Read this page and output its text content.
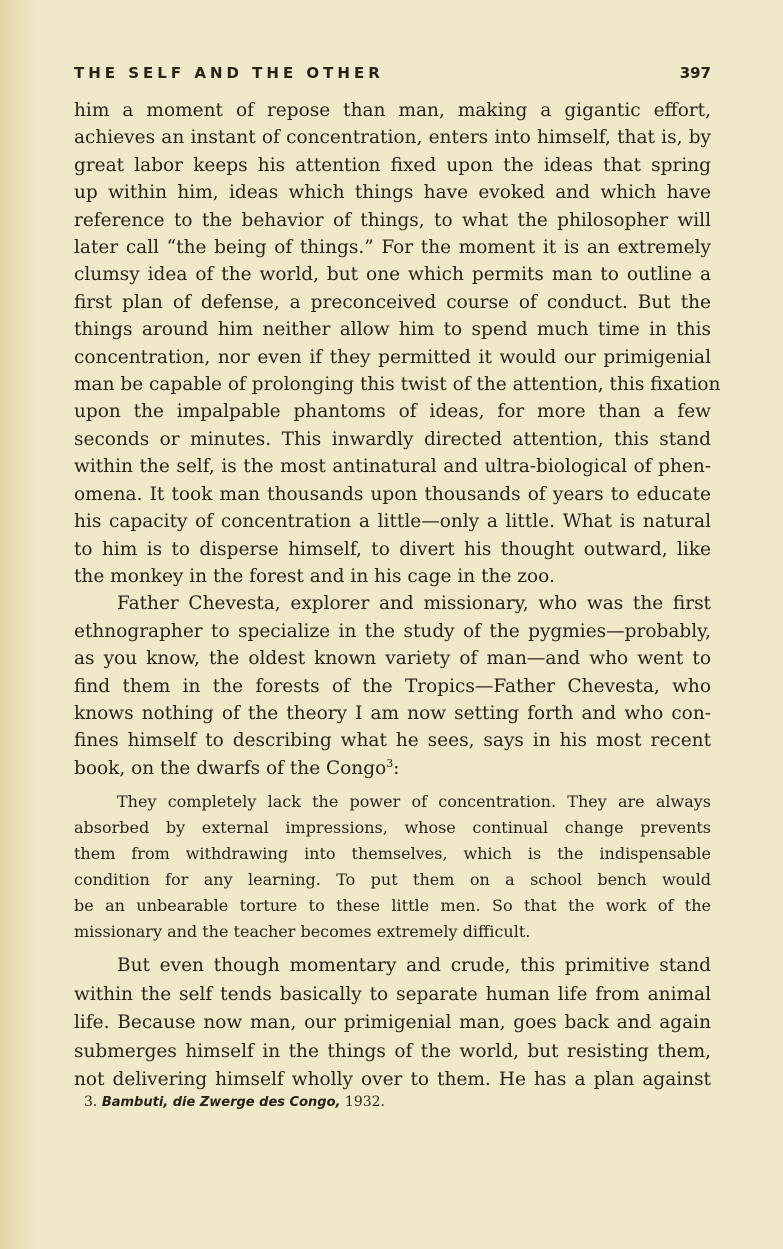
THE SELF AND THE OTHER	397

him a moment of repose than man, making a gigantic effort,
achieves an instant of concentration, enters into himself, that is, by
great labor keeps his attention fixed upon the ideas that spring
up within him, ideas which things have evoked and which have
reference to the behavior of things, to what the philosopher will
later call “the being of things.” For the moment it is an extremely
clumsy idea of the world, but one which permits man to outline a
first plan of defense, a preconceived course of conduct. But the
things around him neither allow him to spend much time in this
concentration, nor even if they permitted it would our primigenial
man be capable of prolonging this twist of the attention, this fixation
upon the impalpable phantoms of ideas, for more than a few
seconds or minutes. This inwardly directed attention, this stand
within the self, is the most antinatural and ultra-biological of phen-
omena. It took man thousands upon thousands of years to educate
his capacity of concentration a little—only a little. What is natural
to him is to disperse himself, to divert his thought outward, like
the monkey in the forest and in his cage in the zoo.

Father Chevesta, explorer and missionary, who was the first
ethnographer to specialize in the study of the pygmies—probably,
as you know, the oldest known variety of man—and who went to
find them in the forests of the Tropics—Father Chevesta, who
knows nothing of the theory I am now setting forth and who con-
fines himself to describing what he sees, says in his most recent
book, on the dwarfs of the Congo$^3$:

They completely lack the power of concentration. They are always
absorbed by external impressions, whose continual change prevents
them from withdrawing into themselves, which is the indispensable
condition for any learning. To put them on a school bench would
be an unbearable torture to these little men. So that the work of the
missionary and the teacher becomes extremely difficult.
But even though momentary and crude, this primitive stand
within the self tends basically to separate human life from animal
life. Because now man, our primigenial man, goes back and again
submerges himself in the things of the world, but resisting them,
not delivering himself wholly over to them. He has a plan against
3. Bambuti, die Zwerge des Congo, 1932.
